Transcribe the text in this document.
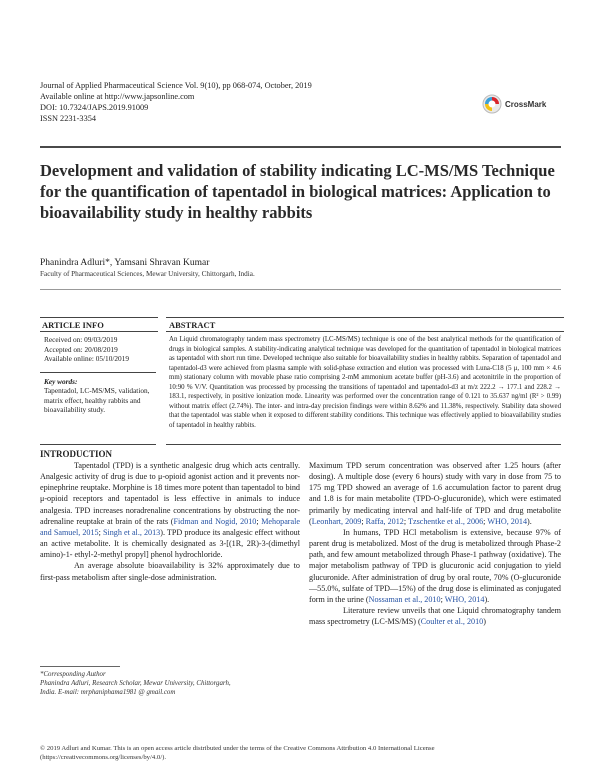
Journal of Applied Pharmaceutical Science Vol. 9(10), pp 068-074, October, 2019
Available online at http://www.japsonline.com
DOI: 10.7324/JAPS.2019.91009
ISSN 2231-3354
CrossMark
Development and validation of stability indicating LC-MS/MS Technique for the quantification of tapentadol in biological matrices: Application to bioavailability study in healthy rabbits
Phanindra Adluri*, Yamsani Shravan Kumar
Faculty of Pharmaceutical Sciences, Mewar University, Chittorgarh, India.
ARTICLE INFO
Received on: 09/03/2019
Accepted on: 20/08/2019
Available online: 05/10/2019
Key words:
Tapentadol, LC-MS/MS, validation, matrix effect, healthy rabbits and bioavailability study.
ABSTRACT
An Liquid chromatography tandem mass spectrometry (LC-MS/MS) technique is one of the best analytical methods for the quantification of drugs in biological samples. A stability-indicating analytical technique was developed for the quantitation of tapentadol in biological matrices as tapentadol with short run time. Developed technique also suitable for bioavailability studies in healthy rabbits. Separation of tapentadol and tapentadol-d3 were achieved from plasma sample with solid-phase extraction and elution was processed with Luna-C18 (5 μ, 100 mm × 4.6 mm) stationary column with movable phase ratio comprising 2-mM ammonium acetate buffer (pH-3.6) and acetonitrile in the proportion of 10:90 % V/V. Quantitation was processed by processing the transitions of tapentadol and tapentadol-d3 at m/z 222.2 → 177.1 and 228.2 → 183.1, respectively, in positive ionization mode. Linearity was performed over the concentration range of 0.121 to 35.637 ng/ml (R² > 0.99) without matrix effect (2.74%). The inter- and intra-day precision findings were within 8.62% and 11.38%, respectively. Stability data showed that the tapentadol was stable when it exposed to different stability conditions. This technique was effectively applied to bioavailability studies of tapentadol in healthy rabbits.
INTRODUCTION

Tapentadol (TPD) is a synthetic analgesic drug which acts centrally. Analgesic activity of drug is due to μ-opioid agonist action and it prevents nor-epinephrine reuptake. Morphine is 18 times more potent than tapentadol to bind μ-opioid receptors and tapentadol is less effective in animals to induce analgesia. TPD increases noradrenaline concentrations by obstructing the nor-adrenaline reuptake at brain of the rats (Fidman and Nogid, 2010; Mehoparale and Samuel, 2015; Singh et al., 2013). TPD produce its analgesic effect without an active metabolite. It is chemically designated as 3-[(1R, 2R)-3-(dimethyl amino)-1- ethyl-2-methyl propyl] phenol hydrochloride.

An average absolute bioavailability is 32% approximately due to first-pass metabolism after single-dose administration.

Maximum TPD serum concentration was observed after 1.25 hours (after dosing). A multiple dose (every 6 hours) study with vary in dose from 75 to 175 mg TPD showed an average of 1.6 accumulation factor to parent drug and 1.8 is for main metabolite (TPD-O-glucuronide), which were estimated primarily by medicating interval and half-life of TPD and drug metabolite (Leonhart, 2009; Raffa, 2012; Tzschentke et al., 2006; WHO, 2014).

In humans, TPD HCl metabolism is extensive, because 97% of parent drug is metabolized. Most of the drug is metabolized through Phase-2 path, and few amount metabolized through Phase-1 pathway (oxidative). The major metabolism pathway of TPD is glucuronic acid conjugation to yield glucuronide. After administration of drug by oral route, 70% (O-glucuronide—55.0%, sulfate of TPD—15%) of the drug dose is eliminated as conjugated form in the urine (Nossaman et al., 2010; WHO, 2014).

Literature review unveils that one Liquid chromatography tandem mass spectrometry (LC-MS/MS) (Coulter et al., 2010)

*Corresponding Author
Phanindra Adluri, Research Scholar, Mewar University, Chittorgarh, India. E-mail: mrphaniphama1981 @ gmail.com
© 2019 Adluri and Kumar. This is an open access article distributed under the terms of the Creative Commons Attribution 4.0 International License (https://creativecommons.org/licenses/by/4.0/).
